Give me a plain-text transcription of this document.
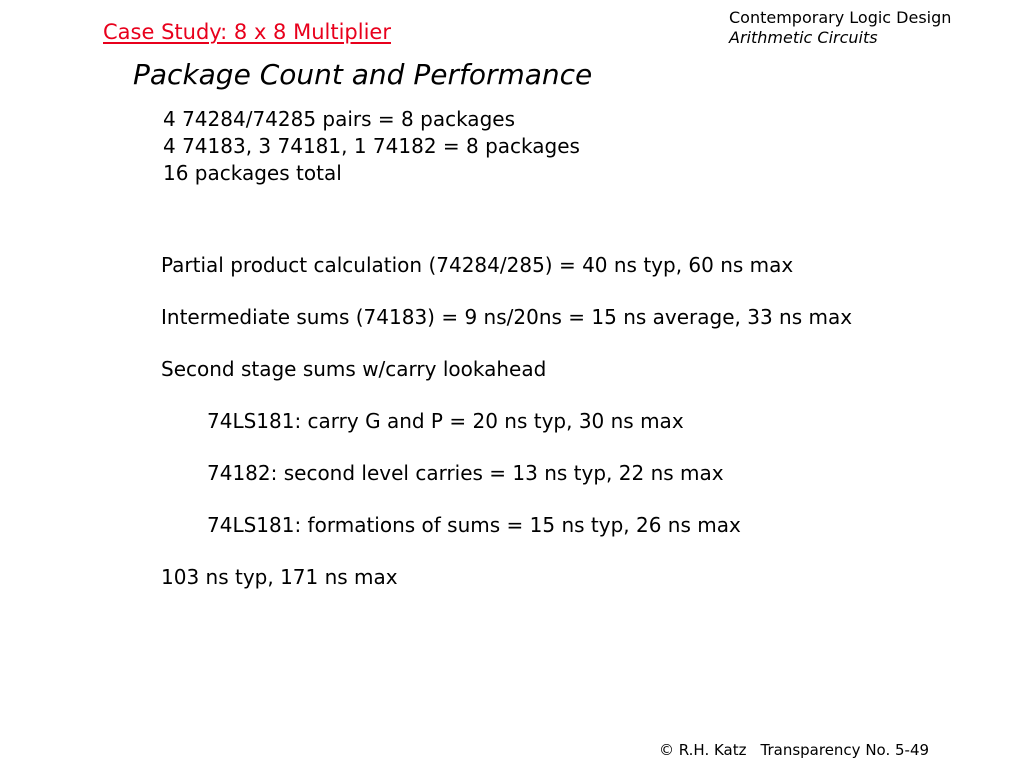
Case Study: 8 x 8 Multiplier
Contemporary Logic Design
Arithmetic Circuits
Package Count and Performance
4 74284/74285 pairs = 8 packages
4 74183, 3 74181, 1 74182 = 8 packages
16 packages total
Partial product calculation (74284/285) = 40 ns typ, 60 ns max
Intermediate sums (74183) = 9 ns/20ns = 15 ns average, 33 ns max
Second stage sums w/carry lookahead
74LS181: carry G and P = 20 ns typ, 30 ns max
74182: second level carries = 13 ns typ, 22 ns max
74LS181: formations of sums = 15 ns typ, 26 ns max
103 ns typ, 171 ns max
© R.H. Katz Transparency No. 5-49
